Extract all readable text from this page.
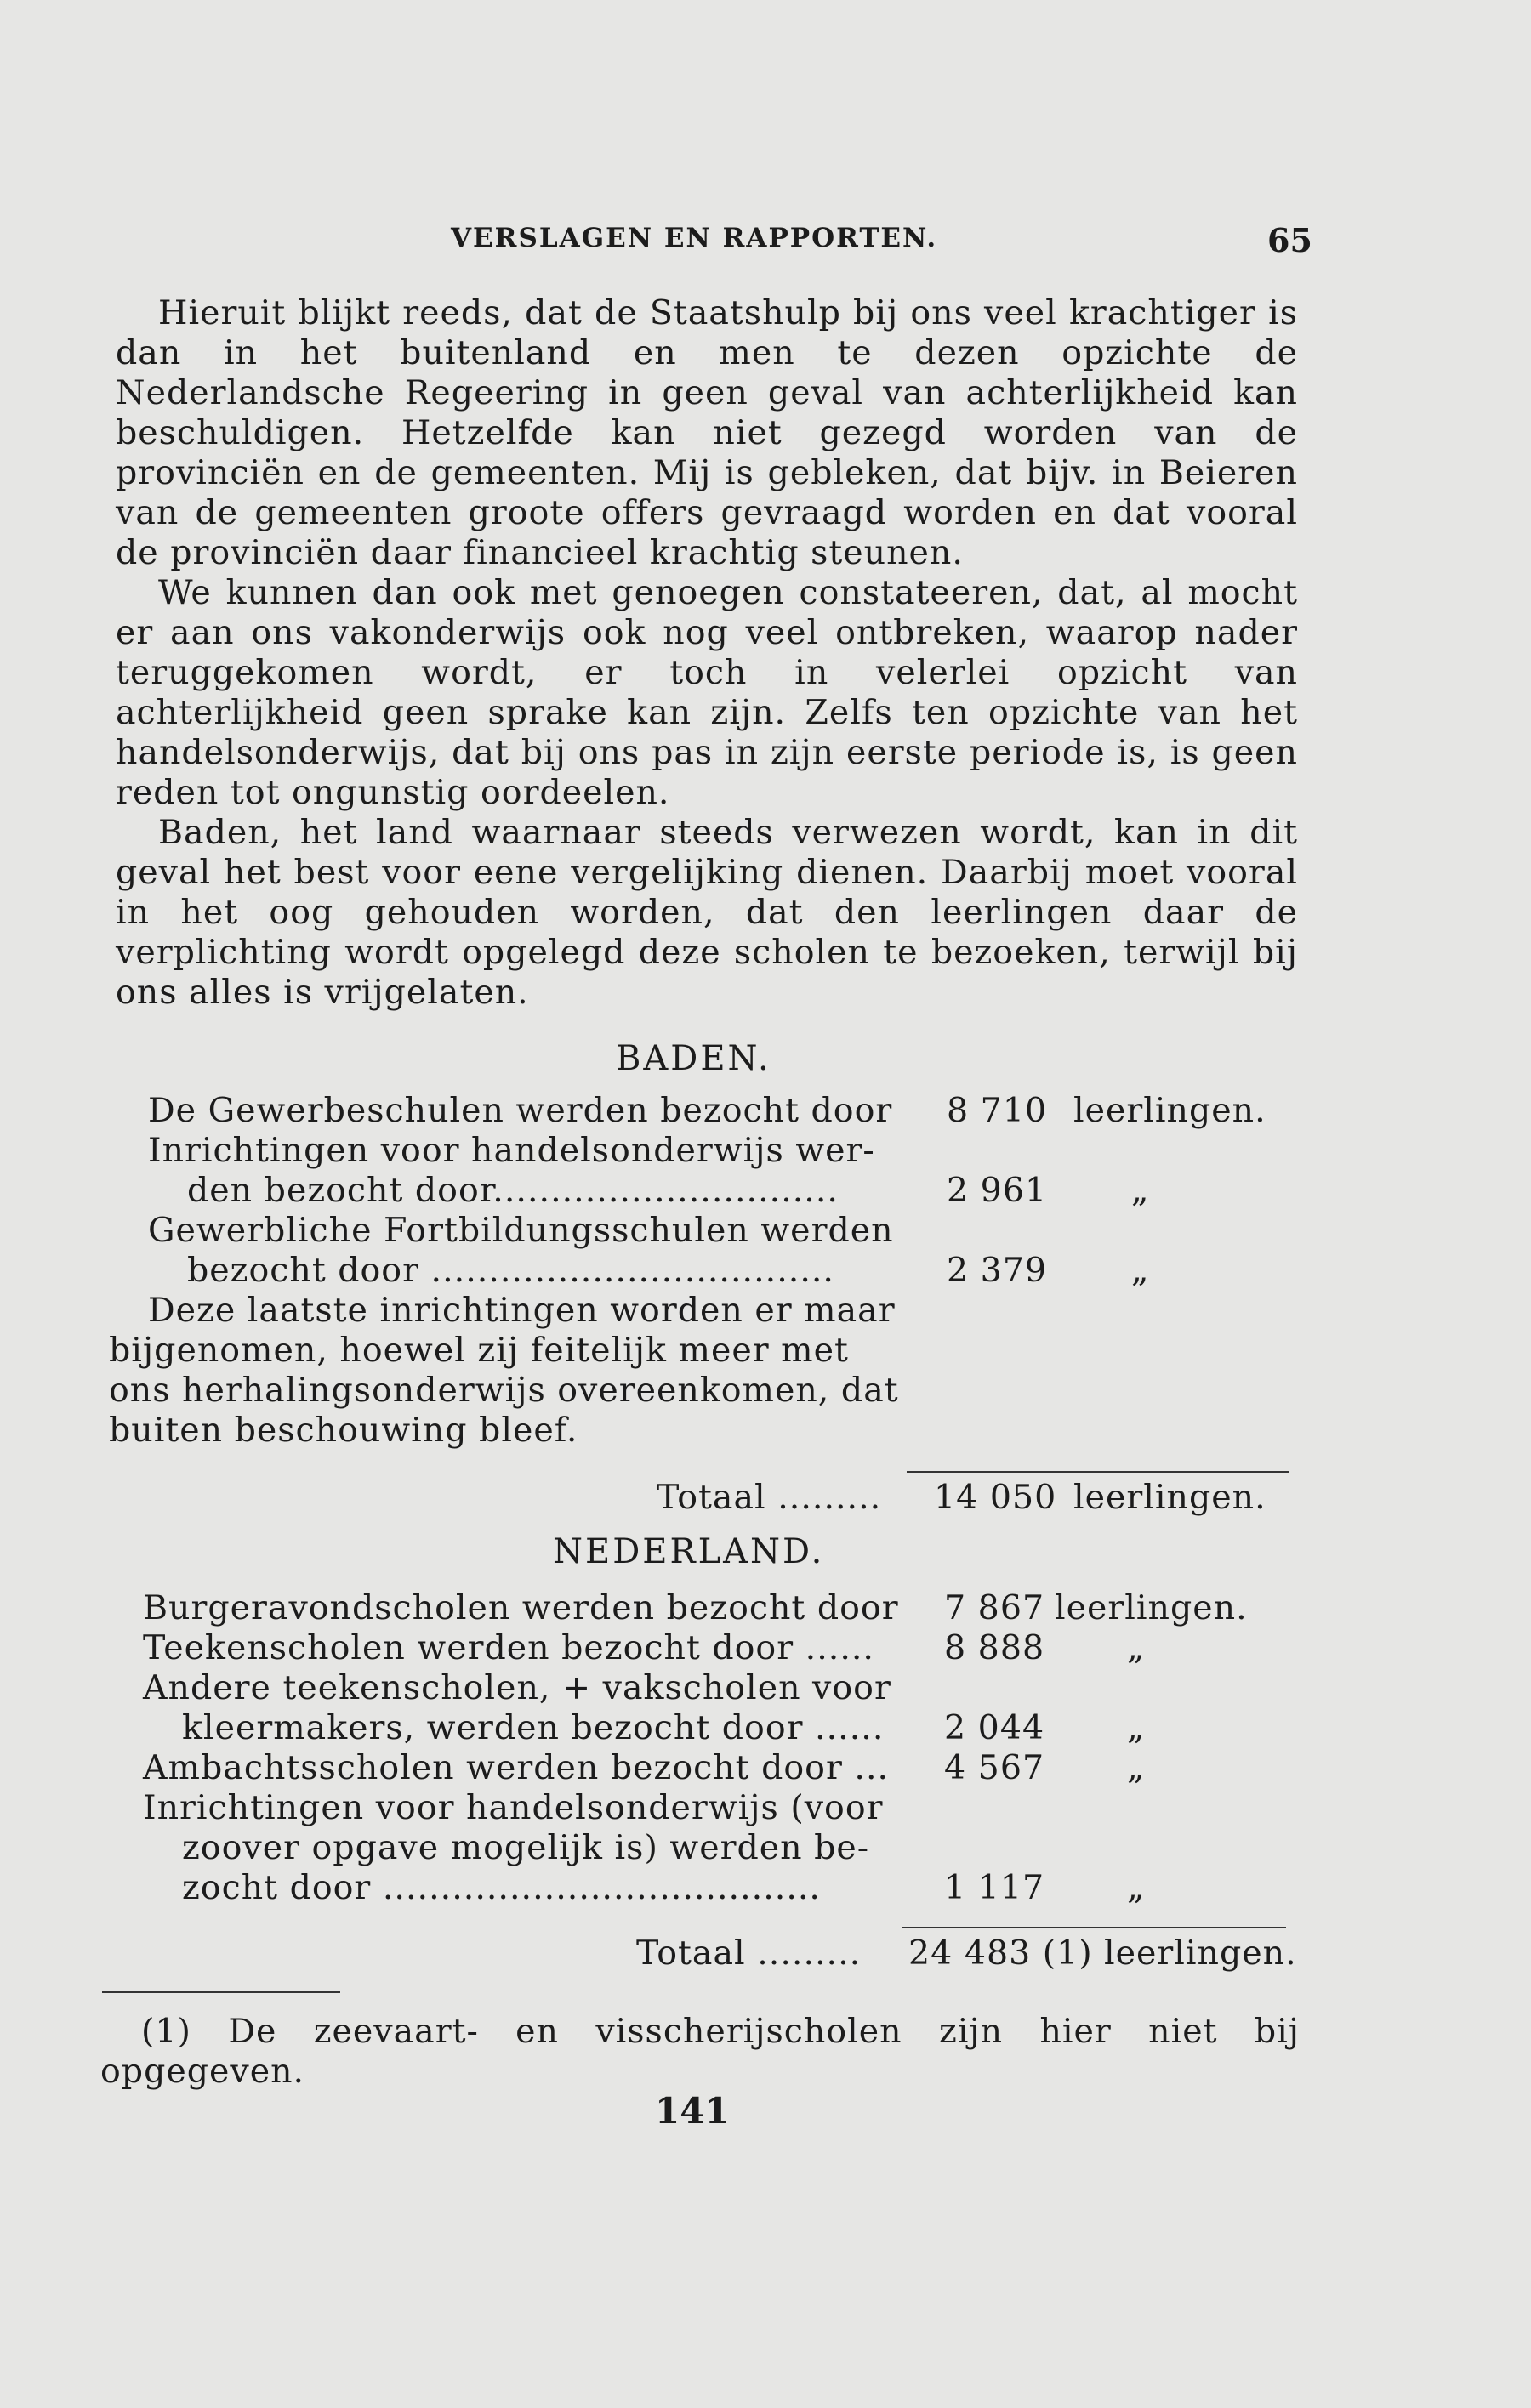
VERSLAGEN EN RAPPORTEN.	65

Hieruit blijkt reeds, dat de Staatshulp bij ons veel krachtiger is dan in het buitenland en men te dezen opzichte de Nederlandsche Regeering in geen geval van achterlijkheid kan beschuldigen. Hetzelfde kan niet gezegd worden van de provinciën en de gemeenten. Mij is gebleken, dat bijv. in Beieren van de gemeenten groote offers gevraagd worden en dat vooral de provinciën daar financieel krachtig steunen.

We kunnen dan ook met genoegen constateeren, dat, al mocht er aan ons vakonderwijs ook nog veel ontbreken, waarop nader teruggekomen wordt, er toch in velerlei opzicht van achterlijkheid geen sprake kan zijn. Zelfs ten opzichte van het handelsonderwijs, dat bij ons pas in zijn eerste periode is, is geen reden tot ongunstig oordeelen.

Baden, het land waarnaar steeds verwezen wordt, kan in dit geval het best voor eene vergelijking dienen. Daarbij moet vooral in het oog gehouden worden, dat den leerlingen daar de verplichting wordt opgelegd deze scholen te bezoeken, terwijl bij ons alles is vrijgelaten.

BADEN.
De Gewerbeschulen werden bezocht door 8 710 leerlingen.
Inrichtingen voor handelsonderwijs wer-
den bezocht door..............................	2 961	„
Gewerbliche Fortbildungsschulen werden
bezocht door ...................................	2 379	„
Deze laatste inrichtingen worden er maar
bijgenomen, hoewel zij feitelijk meer met
ons herhalingsonderwijs overeenkomen, dat
buiten beschouwing bleef.
Totaal ......... 14 050 leerlingen.
NEDERLAND.
Burgeravondscholen werden bezocht door 7 867 leerlingen.
Teekenscholen werden bezocht door ...... 8 888 „
Andere teekenscholen, + vakscholen voor
kleermakers, werden bezocht door ...... 2 044 „
Ambachtsscholen werden bezocht door ... 4 567 „
Inrichtingen voor handelsonderwijs (voor
zoover opgave mogelijk is) werden be-
zocht door ......................................	1 117 „
Totaal ......... 24 483 (1) leerlingen.
(1) De zeevaart- en visscherijscholen zijn hier niet bij opgegeven.
141
